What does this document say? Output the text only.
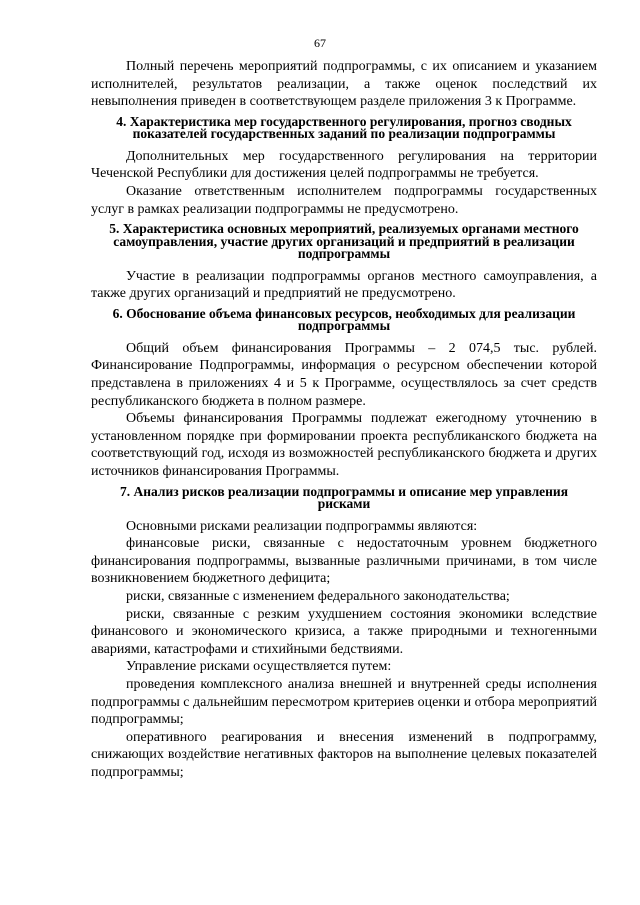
67

Полный перечень мероприятий подпрограммы, с их описанием и указанием исполнителей, результатов реализации, а также оценок последствий их невыполнения приведен в соответствующем разделе приложения 3 к Программе.

4. Характеристика мер государственного регулирования, прогноз сводных показателей государственных заданий по реализации подпрограммы

Дополнительных мер государственного регулирования на территории Чеченской Республики для достижения целей подпрограммы не требуется.

Оказание ответственным исполнителем подпрограммы государственных услуг в рамках реализации подпрограммы не предусмотрено.

5. Характеристика основных мероприятий, реализуемых органами местного самоуправления, участие других организаций и предприятий в реализации подпрограммы

Участие в реализации подпрограммы органов местного самоуправления, а также других организаций и предприятий не предусмотрено.

6. Обоснование объема финансовых ресурсов, необходимых для реализации подпрограммы

Общий объем финансирования Программы – 2 074,5 тыс. рублей. Финансирование Подпрограммы, информация о ресурсном обеспечении которой представлена в приложениях 4 и 5 к Программе, осуществлялось за счет средств республиканского бюджета в полном размере.

Объемы финансирования Программы подлежат ежегодному уточнению в установленном порядке при формировании проекта республиканского бюджета на соответствующий год, исходя из возможностей республиканского бюджета и других источников финансирования Программы.

7. Анализ рисков реализации подпрограммы и описание мер управления рисками

Основными рисками реализации подпрограммы являются:

финансовые риски, связанные с недостаточным уровнем бюджетного финансирования подпрограммы, вызванные различными причинами, в том числе возникновением бюджетного дефицита;

риски, связанные с изменением федерального законодательства;

риски, связанные с резким ухудшением состояния экономики вследствие финансового и экономического кризиса, а также природными и техногенными авариями, катастрофами и стихийными бедствиями.

Управление рисками осуществляется путем:

проведения комплексного анализа внешней и внутренней среды исполнения подпрограммы с дальнейшим пересмотром критериев оценки и отбора мероприятий подпрограммы;

оперативного реагирования и внесения изменений в подпрограмму, снижающих воздействие негативных факторов на выполнение целевых показателей подпрограммы;
